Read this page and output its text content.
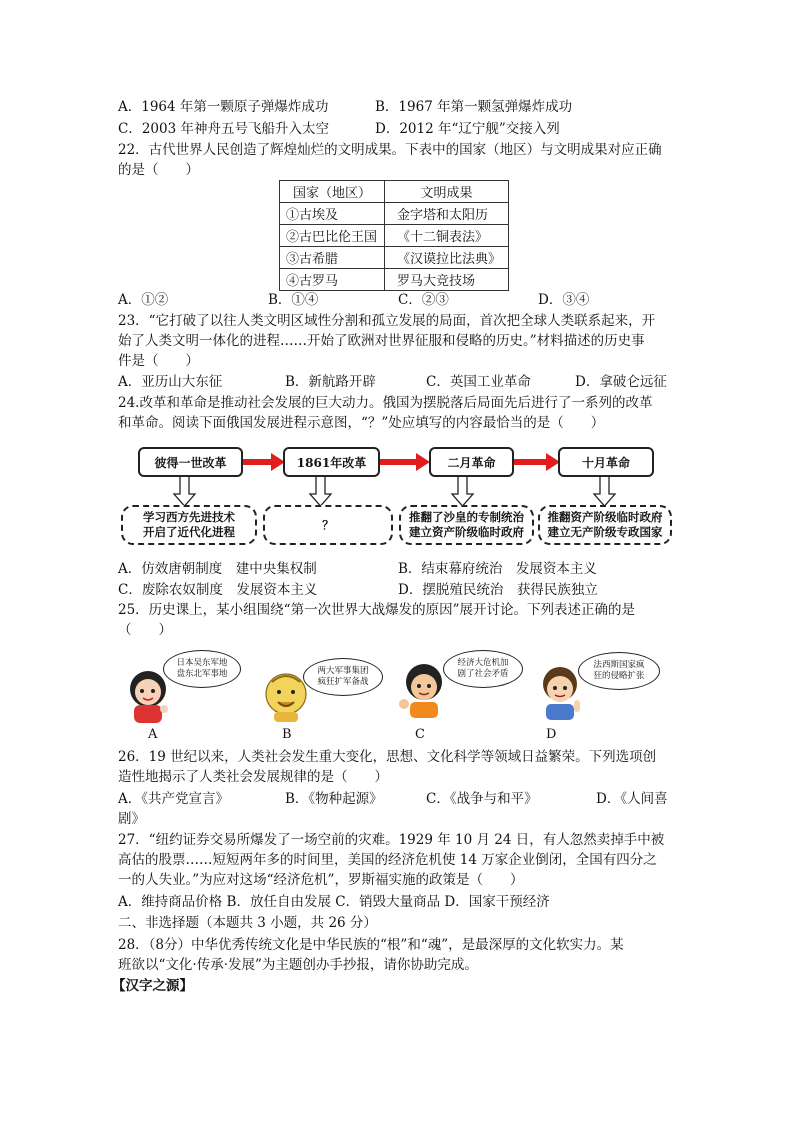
A．1964 年第一颗原子弹爆炸成功	B．1967 年第一颗氢弹爆炸成功
C．2003 年神舟五号飞船升入太空	D．2012 年“辽宁舰”交接入列
22．古代世界人民创造了辉煌灿烂的文明成果。下表中的国家（地区）与文明成果对应正确
的是（　　）
国家（地区）	文明成果
①古埃及	金字塔和太阳历
②古巴比伦王国	《十二铜表法》
③古希腊	《汉谟拉比法典》
④古罗马	罗马大竞技场
A．①②	B．①④	C．②③	D．③④
23．“它打破了以往人类文明区域性分割和孤立发展的局面，首次把全球人类联系起来，开
始了人类文明一体化的进程……开始了欧洲对世界征服和侵略的历史。”材料描述的历史事
件是（　　）
A．亚历山大东征	B．新航路开辟	C．英国工业革命	D．拿破仑远征
24.改革和革命是推动社会发展的巨大动力。俄国为摆脱落后局面先后进行了一系列的改革
和革命。阅读下面俄国发展进程示意图，“？”处应填写的内容最恰当的是（　　）
彼得一世改革	1861年改革	二月革命	十月革命
学习西方先进技术
开启了近代化进程
？
推翻了沙皇的专制统治
建立资产阶级临时政府
推翻资产阶级临时政府
建立无产阶级专政国家
A．仿效唐朝制度　建中央集权制	B．结束幕府统治　发展资本主义
C．废除农奴制度　发展资本主义	D．摆脱殖民统治　获得民族独立
25．历史课上，某小组围绕“第一次世界大战爆发的原因”展开讨论。下列表述正确的是
（　　）
日本吴东军地
盘东北军事地	两大军事集团
疯狂扩军备战
经济大危机加
剧了社会矛盾
法西斯国家疯
狂的侵略扩张
A	B	C	D
26．19 世纪以来，人类社会发生重大变化，思想、文化科学等领域日益繁荣。下列选项创
造性地揭示了人类社会发展规律的是（　　）
A．《共产党宣言》	B．《物种起源》	C．《战争与和平》	D．《人间喜
剧》
27．“纽约证券交易所爆发了一场空前的灾难。1929 年 10 月 24 日，有人忽然卖掉手中被
高估的股票……短短两年多的时间里，美国的经济危机使 14 万家企业倒闭，全国有四分之
一的人失业。”为应对这场“经济危机”，罗斯福实施的政策是（　　）
A．维持商品价格 B．放任自由发展 C．销毁大量商品 D．国家干预经济
二、非选择题（本题共 3 小题，共 26 分）
28．（8分）中华优秀传统文化是中华民族的“根”和“魂”，是最深厚的文化软实力。某
班欲以“文化·传承·发展”为主题创办手抄报，请你协助完成。
【汉字之源】
